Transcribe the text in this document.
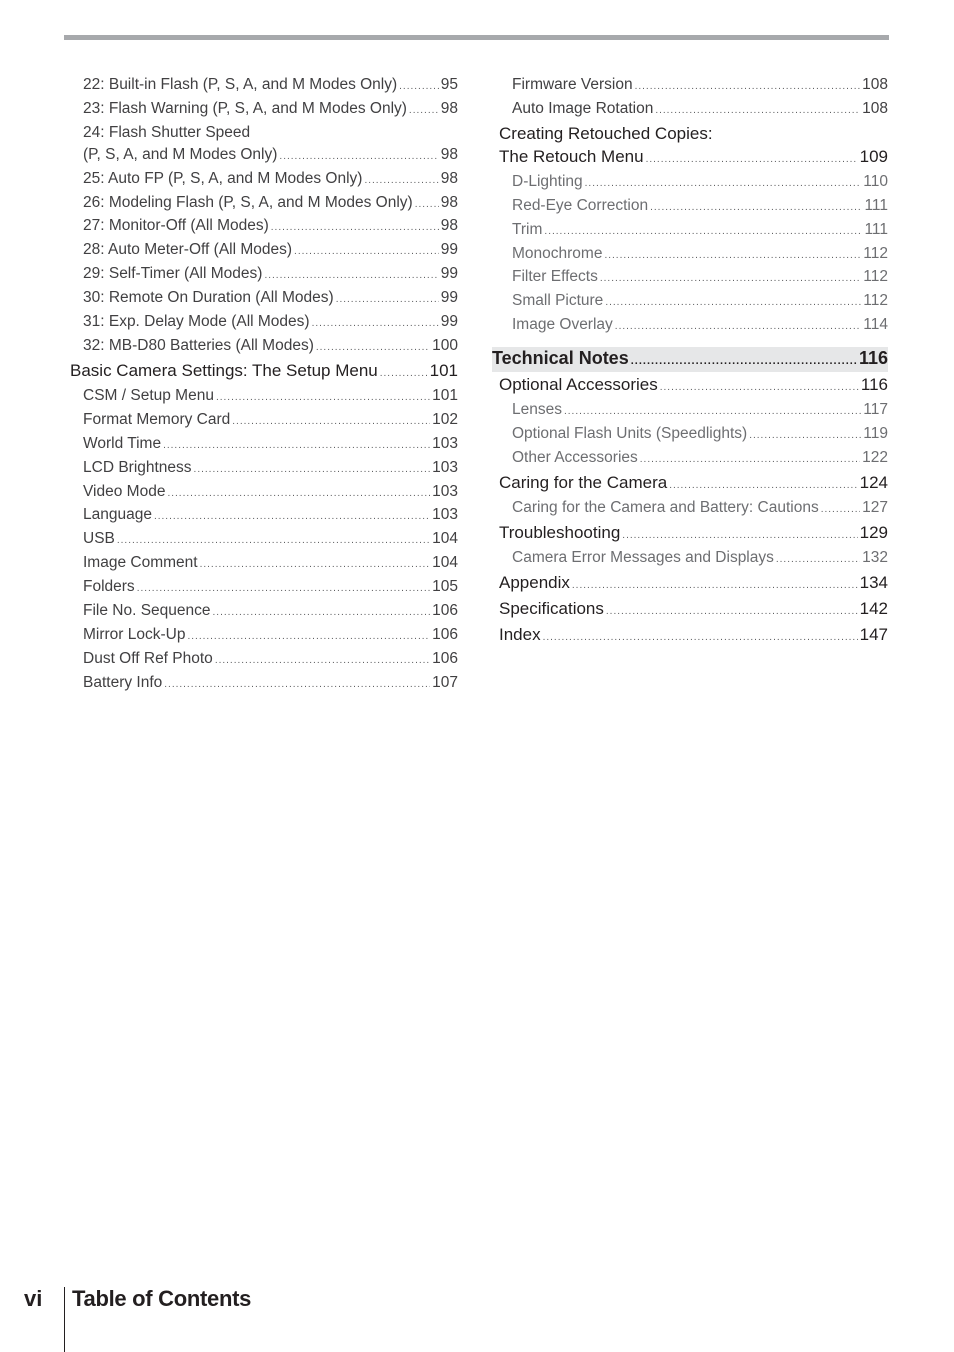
22: Built-in Flash (P, S, A, and M Modes Only) .....	95
23: Flash Warning (P, S, A, and M Modes Only) ..... 98
24: Flash Shutter Speed
(P, S, A, and M Modes Only) .....	98
25: Auto FP (P, S, A, and M Modes Only) .....	98
26: Modeling Flash (P, S, A, and M Modes Only) ..... 98
27: Monitor-Off (All Modes) .....	98
28: Auto Meter-Off (All Modes) .....	99
29: Self-Timer (All Modes) .....	99
30: Remote On Duration (All Modes) .....	99
31: Exp. Delay Mode (All Modes) .....	99
32: MB-D80 Batteries (All Modes) .....	100
Basic Camera Settings: The Setup Menu .....	101
CSM / Setup Menu .....	101
Format Memory Card .....	102
World Time .....	103
LCD Brightness .....	103
Video Mode .....	103
Language .....	103
USB .....	104
Image Comment .....	104
Folders .....	105
File No. Sequence .....	106
Mirror Lock-Up .....	106
Dust Off Ref Photo .....	106
Battery Info .....	107
Firmware Version .....	108
Auto Image Rotation .....	108
Creating Retouched Copies:
The Retouch Menu .....	109
D-Lighting .....	110
Red-Eye Correction .....	111
Trim .....	111
Monochrome .....	112
Filter Effects .....	112
Small Picture .....	112
Image Overlay .....	114
Technical Notes .....	116
Optional Accessories .....	116
Lenses .....	117
Optional Flash Units (Speedlights) .....	119
Other Accessories .....	122
Caring for the Camera .....	124
Caring for the Camera and Battery: Cautions .....	127
Troubleshooting .....	129
Camera Error Messages and Displays .....	132
Appendix .....	134
Specifications .....	142
Index .....	147
vi Table of Contents
